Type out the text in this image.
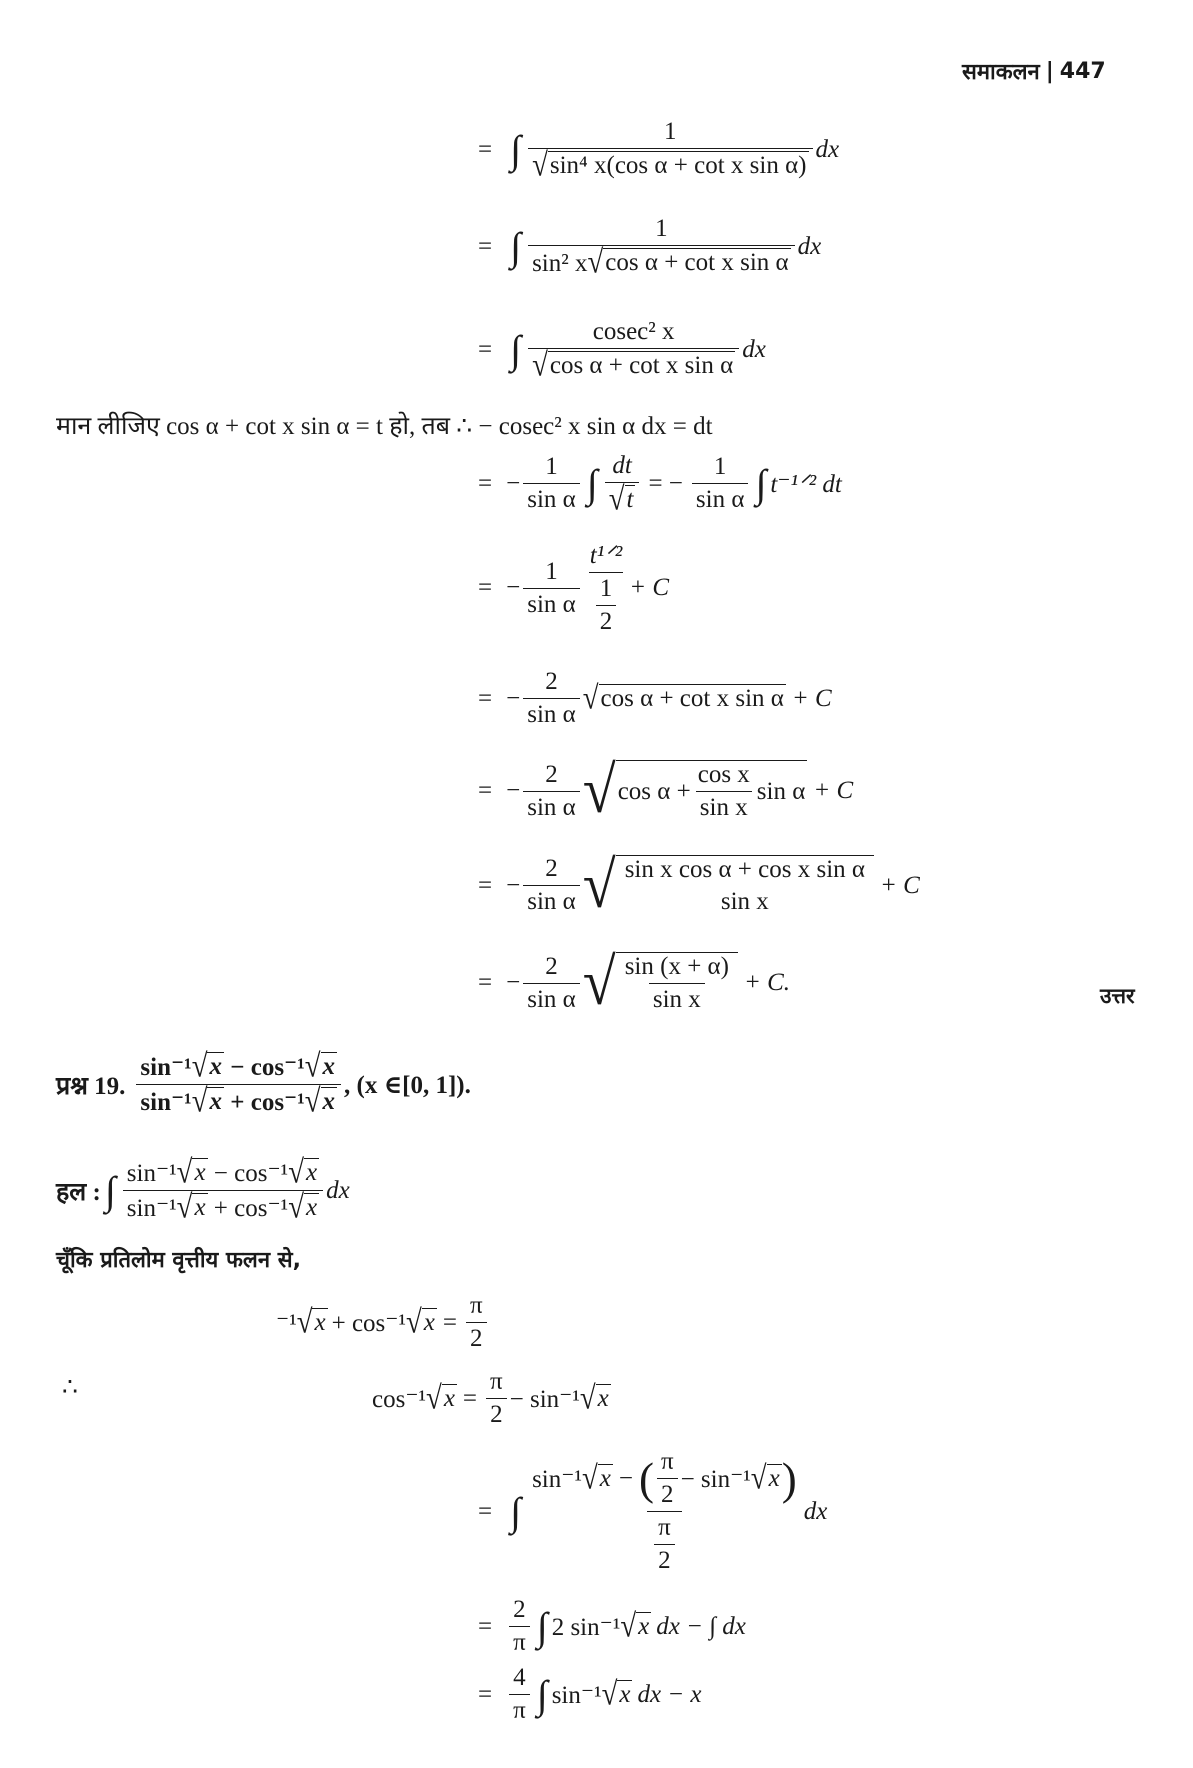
समाकलन | 447
= ∫ $\frac{1}{\text{√ sin⁴ x(cos α + cot x sin α)}}$ dx
= ∫ $\frac{1}{\text{sin² x √ cos α + cot x sin α}}$ dx
= ∫ $\frac{\text{cosec² x}}{\text{√ cos α + cot x sin α}}$ dx
मान लीजिए cos α + cot x sin α = t हो, तब ∴ − cosec² x sin α dx = dt
= − $\frac{1}{\text{sin α}}$ ∫ $\frac{dt}{√ t}$ = − $\frac{1}{\text{sin α}}$ ∫ t⁻¹ᐟ² dt
= − $\frac{1}{\text{sin α}} \frac{\text{t¹ᐟ²}}{\frac{1}{2}} + C$
= − $\frac{2}{\text{sin α}}$ √ cos α + cot x sin α + C
= − $\frac{2}{\text{sin α}}$ √ $\cos \alpha + \frac{\text{cos x}}{\text{sin x}}$ sin α + C
= − $\frac{2}{\text{sin α}}$ √ sin x cos α + cos x sin α
sin x
+ C
= − $\frac{2}{\text{sin α}}$ √ $\frac{\sin (x + \alpha)}{\text{sin x}} + C$.	उत्तर
प्रश्न 19. $\frac{\text{sin⁻¹ √ x − cos⁻¹ √ x}}{\text{sin⁻¹ √ x + cos⁻¹ √ x}}$ , (x ∈[0, 1]).
हल : ∫ $\frac{\text{sin⁻¹ √ x − cos⁻¹ √ x}}{\text{sin⁻¹ √ x + cos⁻¹ √ x}}$ dx
चूँकि प्रतिलोम वृत्तीय फलन से,
⁻¹ √ x + cos⁻¹ √ $x = \frac{\pi}{2}$
∴	cos⁻¹ √ $x = \frac{\pi}{2} - \sin^{-1}$ √ x
= ∫ $\frac{\sin^{-1} √ x - ( \frac{\pi}{2} - \sin^{-1} √ x )}{\frac{\pi}{2}}$ dx
= $\frac{2}{\pi}$ ∫ 2 sin⁻¹ √ x dx − ∫ dx
= $\frac{4}{\pi}$ ∫ sin⁻¹ √ x dx − x
